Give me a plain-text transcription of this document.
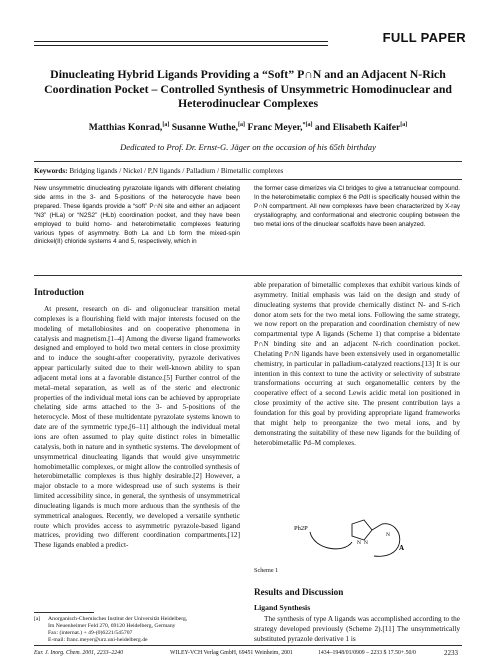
FULL PAPER
Dinucleating Hybrid Ligands Providing a “Soft” P∩N and an Adjacent N-Rich Coordination Pocket – Controlled Synthesis of Unsymmetric Homodinuclear and Heterodinuclear Complexes
Matthias Konrad,[a] Susanne Wuthe,[a] Franc Meyer,$^{*[a]}$ and Elisabeth Kaifer[a]
Dedicated to Prof. Dr. Ernst-G. Jäger on the occasion of his 65th birthday
Keywords: Bridging ligands / Nickel / P,N ligands / Palladium / Bimetallic complexes
New unsymmetric dinucleating pyrazolate ligands with different chelating side arms in the 3- and 5-positions of the heterocycle have been prepared. These ligands provide a “soft” P∩N site and either an adjacent “N3” (HLa) or “N2S2” (HLb) coordination pocket, and they have been employed to build homo- and heterobimetallic complexes featuring various types of asymmetry. Both La and Lb form the mixed-spin dinickel(II) chloride systems 4 and 5, respectively, which in
the former case dimerizes via Cl bridges to give a tetranuclear compound. In the heterobimetallic complex 6 the PdII is specifically housed within the P∩N compartment. All new complexes have been characterized by X-ray crystallography, and conformational and electronic coupling between the two metal ions of the dinuclear scaffolds have been analyzed.
Introduction

At present, research on di- and oligonuclear transition metal complexes is a flourishing field with major interests focused on the modeling of metallobiosites and on cooperative phenomena in catalysis and magnetism.[1–4] Among the diverse ligand frameworks designed and employed to hold two metal centers in close proximity and to induce the sought-after cooperativity, pyrazole derivatives appear particularly suited due to their well-known ability to span adjacent metal ions at a favorable distance.[5] Further control of the metal–metal separation, as well as of the steric and electronic properties of the individual metal ions can be achieved by appropriate chelating side arms attached to the 3- and 5-positions of the heterocycle. Most of these multidentate pyrazolate systems known to date are of the symmetric type,[6–11] although the individual metal ions are often assumed to play quite distinct roles in bimetallic catalysis, both in nature and in synthetic systems. The development of unsymmetrical dinucleating ligands that would give unsymmetric homobimetallic complexes, or might allow the controlled synthesis of heterobimetallic complexes is thus highly desirable.[2] However, a major obstacle to a more widespread use of such systems is their limited accessibility since, in general, the synthesis of unsymmetrical dinucleating ligands is much more arduous than the synthesis of the symmetrical analogues. Recently, we developed a versatile synthetic route which provides access to asymmetric pyrazole-based ligand matrices, providing two different coordination compartments.[12] These ligands enabled a predict-

able preparation of bimetallic complexes that exhibit various kinds of asymmetry. Initial emphasis was laid on the design and study of dinucleating systems that provide chemically distinct N- and S-rich donor atom sets for the two metal ions. Following the same strategy, we now report on the preparation and coordination chemistry of new compartmental type A ligands (Scheme 1) that comprise a bidentate P∩N binding site and an adjacent N-rich coordination pocket. Chelating P∩N ligands have been extensively used in organometallic chemistry, in particular in palladium-catalyzed reactions.[13] It is our intention in this context to tune the activity or selectivity of substrate transformations occurring at such organometallic centers by the cooperative effect of a second Lewis acidic metal ion positioned in close proximity of the active site. The present contribution lays a foundation for this goal by providing appropriate ligand frameworks that might help to preorganize the two metal ions, and by demonstrating the suitability of these new ligands for the building of heterobimetallic Pd–M complexes.

Ph2P
N N
N
A
Scheme 1
Results and Discussion
Ligand Synthesis

The synthesis of type A ligands was accomplished according to the strategy developed previously (Scheme 2).[11] The unsymmetrically substituted pyrazole derivative 1 is

[a] Anorganisch-Chemisches Institut der Universität Heidelberg,
Im Neuenheimer Feld 270, 69120 Heidelberg, Germany
Fax: (internat.) + 49-(0)6221/545707
E-mail: franc.meyer@urz.uni-heidelberg.de
Eur. J. Inorg. Chem. 2001, 2233–2240	WILEY-VCH Verlag GmbH, 69451 Weinheim, 2001	1434–1948/01/0909 – 2233 $ 17.50+.50/0	2233
